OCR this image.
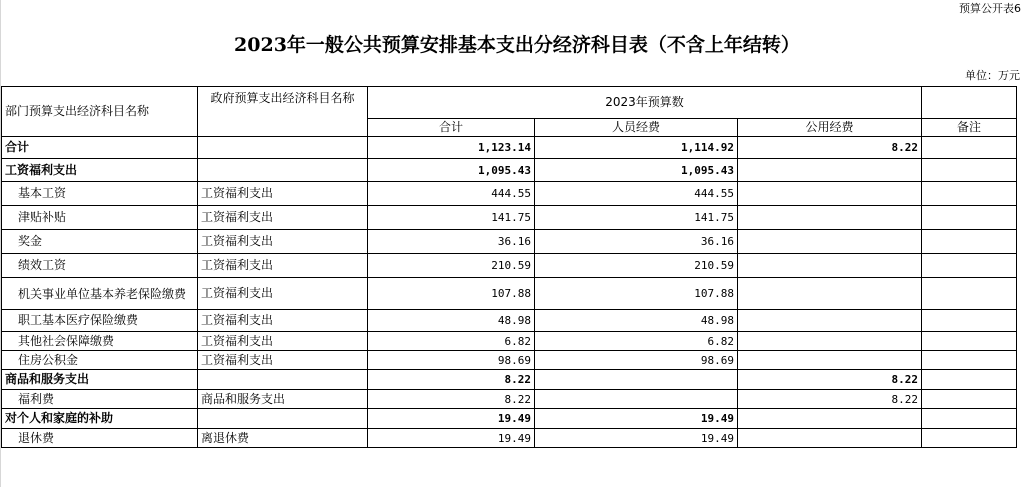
预算公开表6
2023年一般公共预算安排基本支出分经济科目表（不含上年结转）
单位：万元
部门预算支出经济科目名称	政府预算支出经济科目名称	2023年预算数			
		合计	人员经费	公用经费	备注
合计		1,123.14	1,114.92	8.22	
工资福利支出		1,095.43	1,095.43		
基本工资	工资福利支出	444.55	444.55		
津贴补贴	工资福利支出	141.75	141.75		
奖金	工资福利支出	36.16	36.16		
绩效工资	工资福利支出	210.59	210.59		
机关事业单位基本养老保险缴费	工资福利支出	107.88	107.88		
职工基本医疗保险缴费	工资福利支出	48.98	48.98		
其他社会保障缴费	工资福利支出	6.82	6.82		
住房公积金	工资福利支出	98.69	98.69		
商品和服务支出		8.22		8.22	
福利费	商品和服务支出	8.22		8.22	
对个人和家庭的补助		19.49	19.49		
退休费	离退休费	19.49	19.49		
